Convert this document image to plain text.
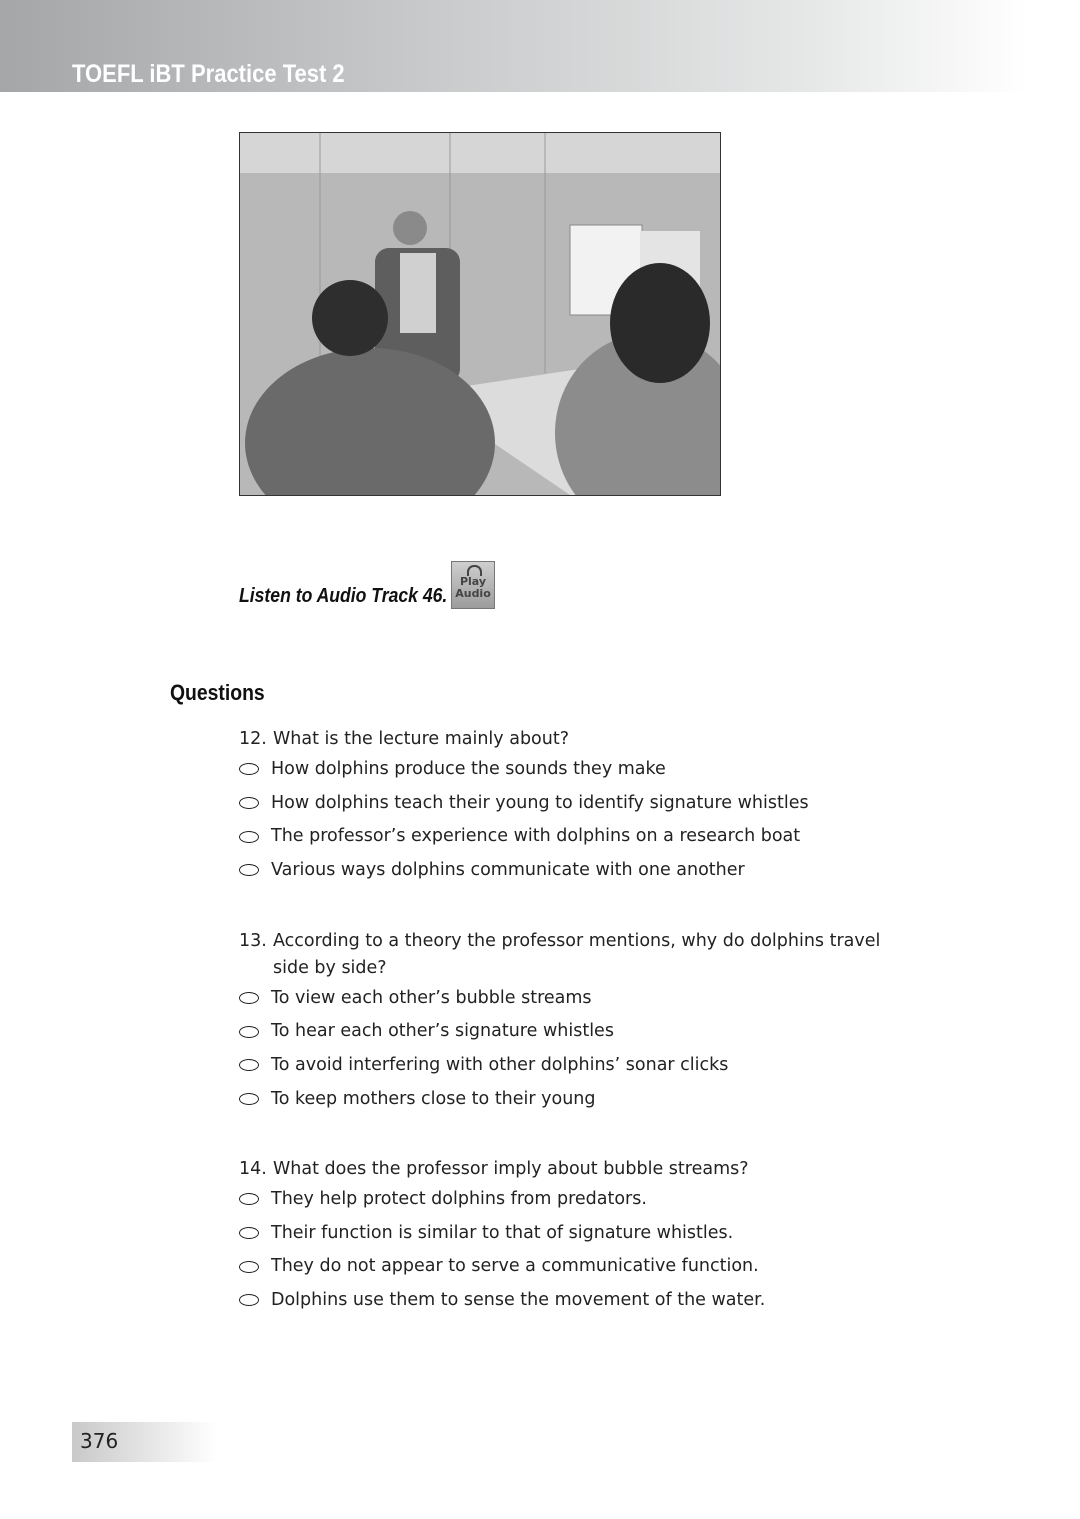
TOEFL iBT Practice Test 2
Listen to Audio Track 46.
Play
Audio
Questions
12. What is the lecture mainly about?
How dolphins produce the sounds they make
How dolphins teach their young to identify signature whistles
The professor’s experience with dolphins on a research boat
Various ways dolphins communicate with one another
13. According to a theory the professor mentions, why do dolphins travel side by side?
To view each other’s bubble streams
To hear each other’s signature whistles
To avoid interfering with other dolphins’ sonar clicks
To keep mothers close to their young
14. What does the professor imply about bubble streams?
They help protect dolphins from predators.
Their function is similar to that of signature whistles.
They do not appear to serve a communicative function.
Dolphins use them to sense the movement of the water.
376
